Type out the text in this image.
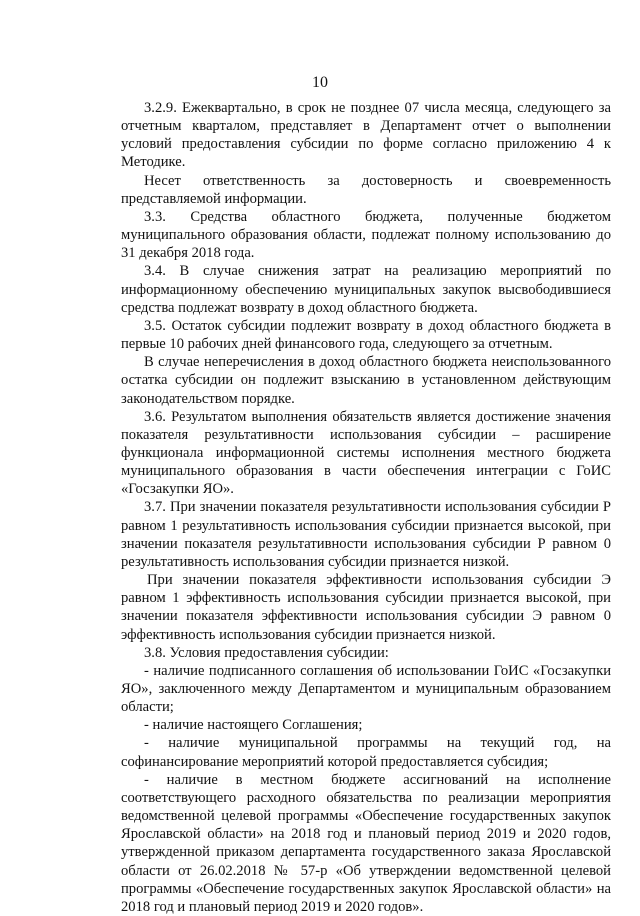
10

3.2.9. Ежеквартально, в срок не позднее 07 числа месяца, следующего за отчетным кварталом, представляет в Департамент отчет о выполнении условий предоставления субсидии по форме согласно приложению 4 к Методике.

Несет ответственность за достоверность и своевременность представляемой информации.

3.3. Средства областного бюджета, полученные бюджетом муниципального образования области, подлежат полному использованию до 31 декабря 2018 года.

3.4. В случае снижения затрат на реализацию мероприятий по информационному обеспечению муниципальных закупок высвободившиеся средства подлежат возврату в доход областного бюджета.

3.5. Остаток субсидии подлежит возврату в доход областного бюджета в первые 10 рабочих дней финансового года, следующего за отчетным.

В случае неперечисления в доход областного бюджета неиспользованного остатка субсидии он подлежит взысканию в установленном действующим законодательством порядке.

3.6. Результатом выполнения обязательств является достижение значения показателя результативности использования субсидии – расширение функционала информационной системы исполнения местного бюджета муниципального образования в части обеспечения интеграции с ГоИС «Госзакупки ЯО».

3.7. При значении показателя результативности использования субсидии Р равном 1 результативность использования субсидии признается высокой, при значении показателя результативности использования субсидии Р равном 0 результативность использования субсидии признается низкой.

При значении показателя эффективности использования субсидии Э равном 1 эффективность использования субсидии признается высокой, при значении показателя эффективности использования субсидии Э равном 0 эффективность использования субсидии признается низкой.

3.8. Условия предоставления субсидии:

- наличие подписанного соглашения об использовании ГоИС «Госзакупки ЯО», заключенного между Департаментом и муниципальным образованием области;

- наличие настоящего Соглашения;

- наличие муниципальной программы на текущий год, на софинансирование мероприятий которой предоставляется субсидия;

- наличие в местном бюджете ассигнований на исполнение соответствующего расходного обязательства по реализации мероприятия ведомственной целевой программы «Обеспечение государственных закупок Ярославской области» на 2018 год и плановый период 2019 и 2020 годов, утвержденной приказом департамента государственного заказа Ярославской области от 26.02.2018 № 57-р «Об утверждении ведомственной целевой программы «Обеспечение государственных закупок Ярославской области» на 2018 год и плановый период 2019 и 2020 годов».
